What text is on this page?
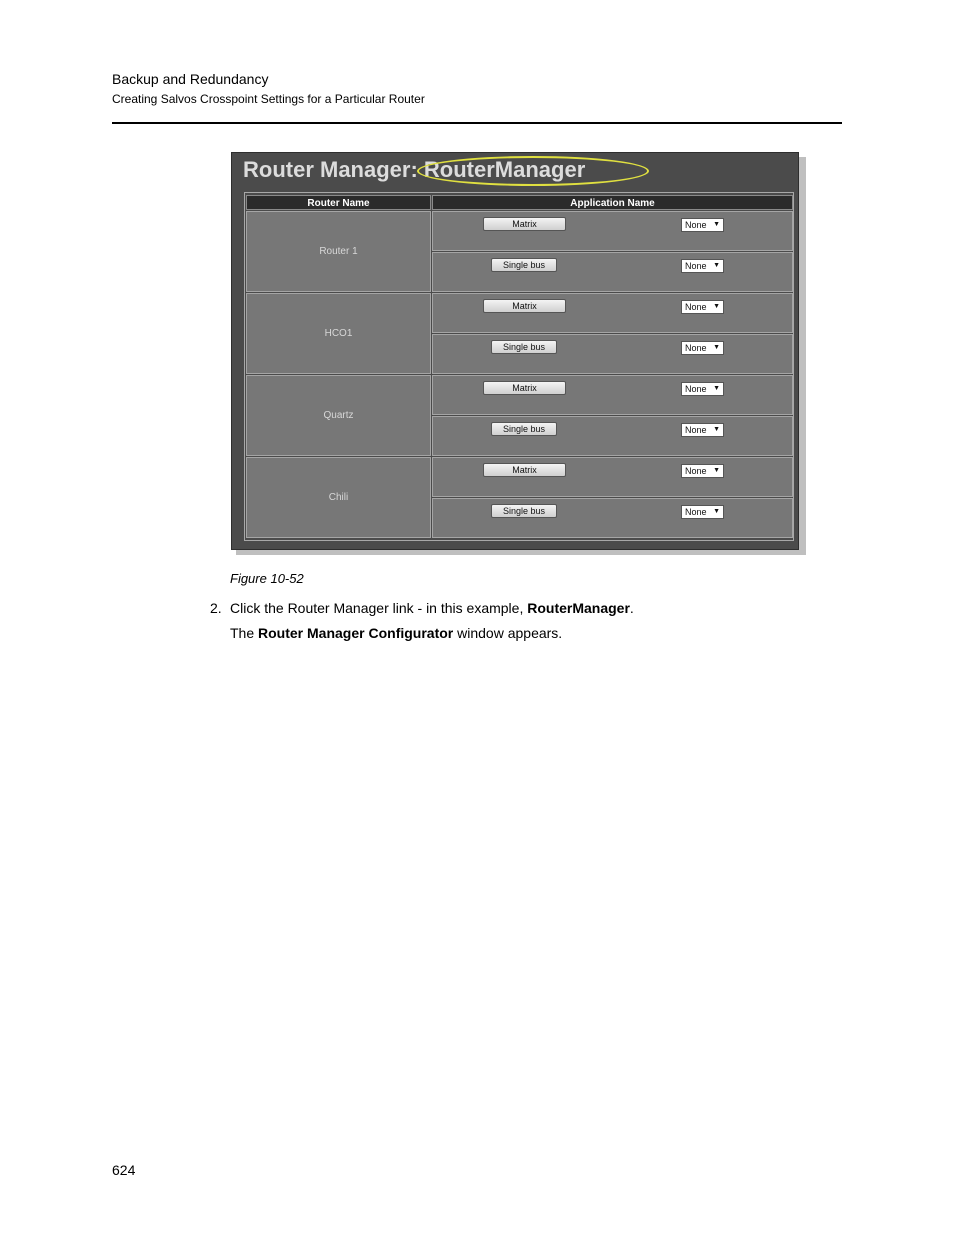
Backup and Redundancy
Creating Salvos Crosspoint Settings for a Particular Router
Router Manager: RouterManager
Router Name	Application Name
Router 1
Matrix	None ▼
Single bus	None ▼
HCO1
Matrix	None ▼
Single bus	None ▼
Quartz
Matrix	None ▼
Single bus	None ▼
Chili
Matrix	None ▼
Single bus	None ▼
Figure 10-52
2. Click the Router Manager link - in this example, RouterManager.
The Router Manager Configurator window appears.
624
